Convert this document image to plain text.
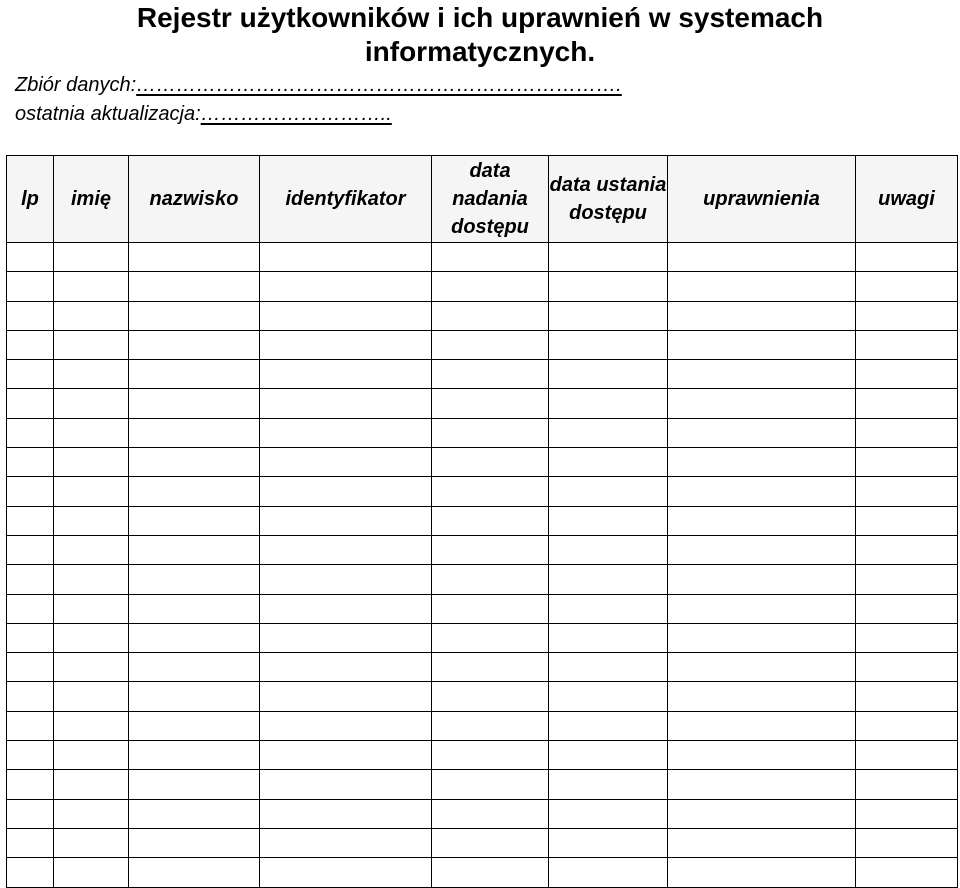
Rejestr użytkowników i ich uprawnień w systemach
informatycznych.
Zbiór danych:……………………………………………………………….
ostatnia aktualizacja:………………………..
lp	imię	nazwisko	identyfikator	data nadania dostępu	data ustania dostępu	uprawnienia	uwagi
